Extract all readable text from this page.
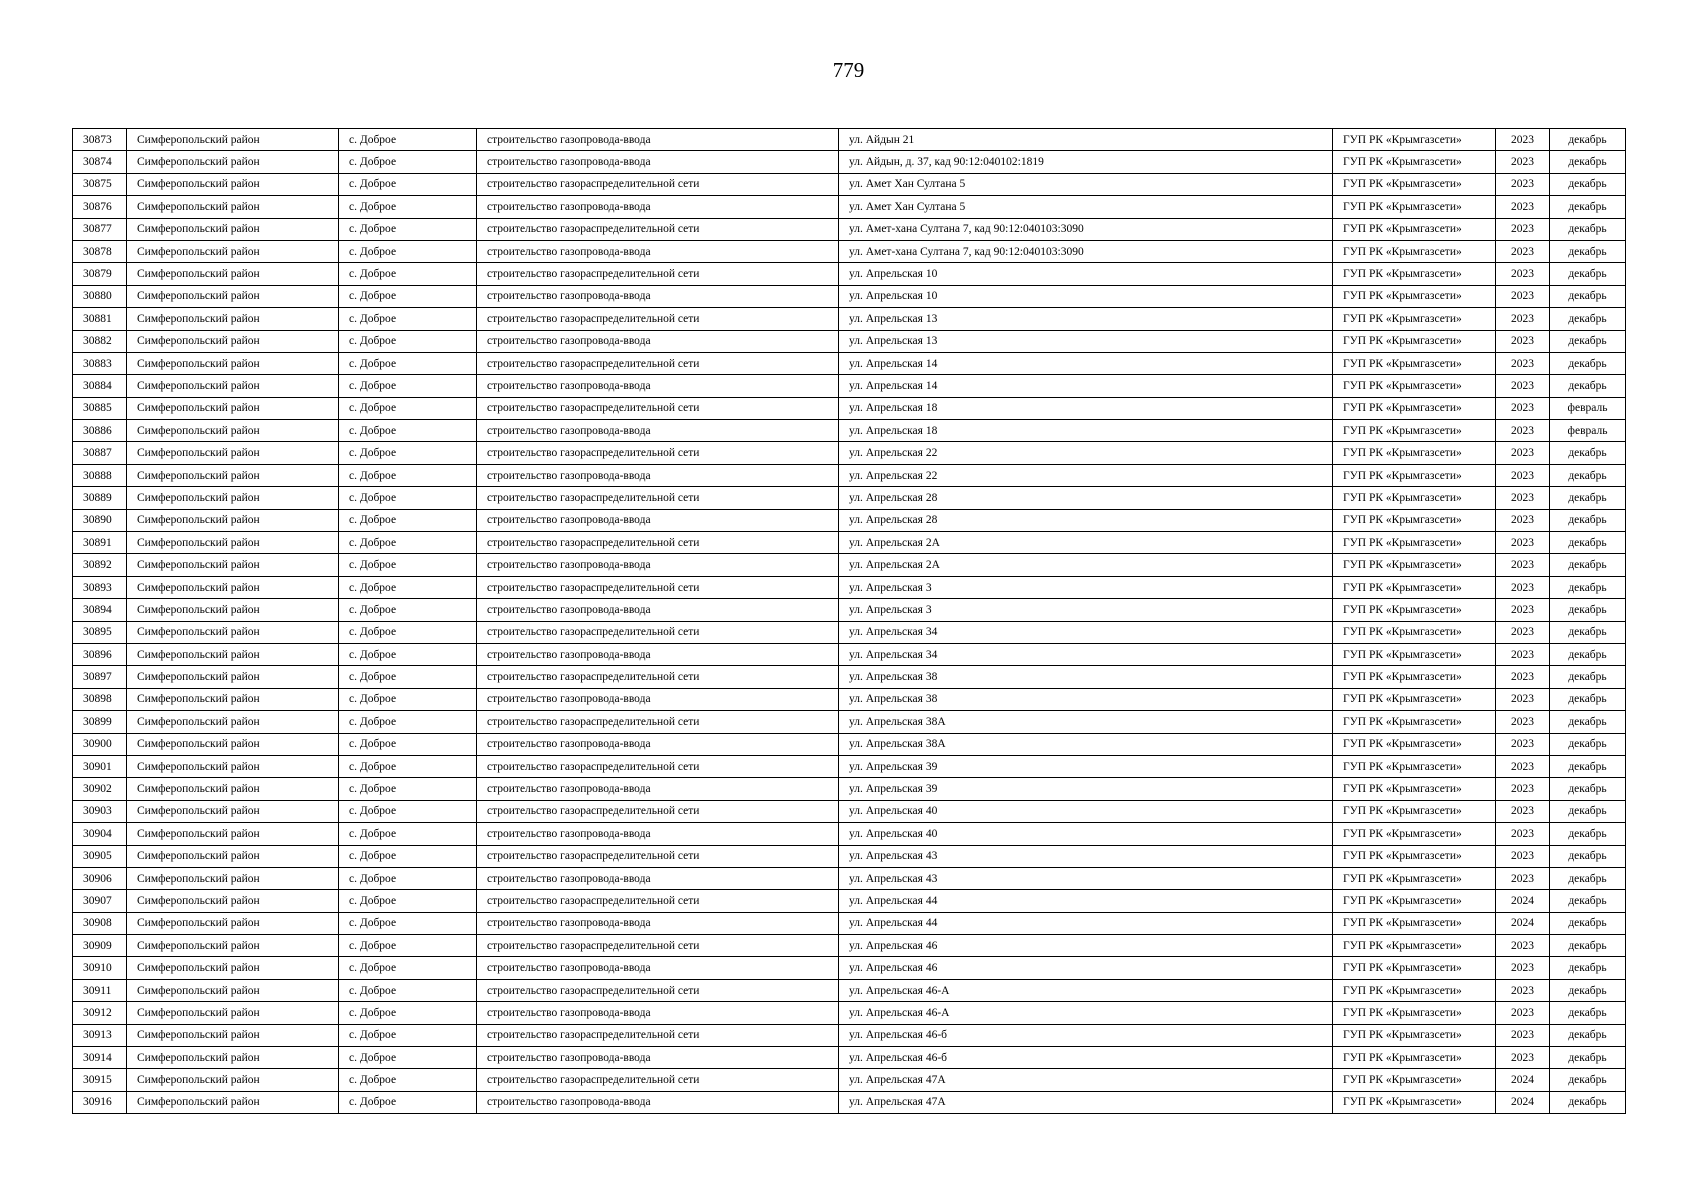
779
30873	Симферопольский район	с. Доброе	строительство газопровода-ввода	ул. Айдын 21	ГУП РК «Крымгазсети»	2023	декабрь
30874	Симферопольский район	с. Доброе	строительство газопровода-ввода	ул. Айдын, д. 37, кад 90:12:040102:1819	ГУП РК «Крымгазсети»	2023	декабрь
30875	Симферопольский район	с. Доброе	строительство газораспределительной сети	ул. Амет Хан Султана 5	ГУП РК «Крымгазсети»	2023	декабрь
30876	Симферопольский район	с. Доброе	строительство газопровода-ввода	ул. Амет Хан Султана 5	ГУП РК «Крымгазсети»	2023	декабрь
30877	Симферопольский район	с. Доброе	строительство газораспределительной сети	ул. Амет-хана Султана 7, кад 90:12:040103:3090	ГУП РК «Крымгазсети»	2023	декабрь
30878	Симферопольский район	с. Доброе	строительство газопровода-ввода	ул. Амет-хана Султана 7, кад 90:12:040103:3090	ГУП РК «Крымгазсети»	2023	декабрь
30879	Симферопольский район	с. Доброе	строительство газораспределительной сети	ул. Апрельская 10	ГУП РК «Крымгазсети»	2023	декабрь
30880	Симферопольский район	с. Доброе	строительство газопровода-ввода	ул. Апрельская 10	ГУП РК «Крымгазсети»	2023	декабрь
30881	Симферопольский район	с. Доброе	строительство газораспределительной сети	ул. Апрельская 13	ГУП РК «Крымгазсети»	2023	декабрь
30882	Симферопольский район	с. Доброе	строительство газопровода-ввода	ул. Апрельская 13	ГУП РК «Крымгазсети»	2023	декабрь
30883	Симферопольский район	с. Доброе	строительство газораспределительной сети	ул. Апрельская 14	ГУП РК «Крымгазсети»	2023	декабрь
30884	Симферопольский район	с. Доброе	строительство газопровода-ввода	ул. Апрельская 14	ГУП РК «Крымгазсети»	2023	декабрь
30885	Симферопольский район	с. Доброе	строительство газораспределительной сети	ул. Апрельская 18	ГУП РК «Крымгазсети»	2023	февраль
30886	Симферопольский район	с. Доброе	строительство газопровода-ввода	ул. Апрельская 18	ГУП РК «Крымгазсети»	2023	февраль
30887	Симферопольский район	с. Доброе	строительство газораспределительной сети	ул. Апрельская 22	ГУП РК «Крымгазсети»	2023	декабрь
30888	Симферопольский район	с. Доброе	строительство газопровода-ввода	ул. Апрельская 22	ГУП РК «Крымгазсети»	2023	декабрь
30889	Симферопольский район	с. Доброе	строительство газораспределительной сети	ул. Апрельская 28	ГУП РК «Крымгазсети»	2023	декабрь
30890	Симферопольский район	с. Доброе	строительство газопровода-ввода	ул. Апрельская 28	ГУП РК «Крымгазсети»	2023	декабрь
30891	Симферопольский район	с. Доброе	строительство газораспределительной сети	ул. Апрельская 2А	ГУП РК «Крымгазсети»	2023	декабрь
30892	Симферопольский район	с. Доброе	строительство газопровода-ввода	ул. Апрельская 2А	ГУП РК «Крымгазсети»	2023	декабрь
30893	Симферопольский район	с. Доброе	строительство газораспределительной сети	ул. Апрельская 3	ГУП РК «Крымгазсети»	2023	декабрь
30894	Симферопольский район	с. Доброе	строительство газопровода-ввода	ул. Апрельская 3	ГУП РК «Крымгазсети»	2023	декабрь
30895	Симферопольский район	с. Доброе	строительство газораспределительной сети	ул. Апрельская 34	ГУП РК «Крымгазсети»	2023	декабрь
30896	Симферопольский район	с. Доброе	строительство газопровода-ввода	ул. Апрельская 34	ГУП РК «Крымгазсети»	2023	декабрь
30897	Симферопольский район	с. Доброе	строительство газораспределительной сети	ул. Апрельская 38	ГУП РК «Крымгазсети»	2023	декабрь
30898	Симферопольский район	с. Доброе	строительство газопровода-ввода	ул. Апрельская 38	ГУП РК «Крымгазсети»	2023	декабрь
30899	Симферопольский район	с. Доброе	строительство газораспределительной сети	ул. Апрельская 38А	ГУП РК «Крымгазсети»	2023	декабрь
30900	Симферопольский район	с. Доброе	строительство газопровода-ввода	ул. Апрельская 38А	ГУП РК «Крымгазсети»	2023	декабрь
30901	Симферопольский район	с. Доброе	строительство газораспределительной сети	ул. Апрельская 39	ГУП РК «Крымгазсети»	2023	декабрь
30902	Симферопольский район	с. Доброе	строительство газопровода-ввода	ул. Апрельская 39	ГУП РК «Крымгазсети»	2023	декабрь
30903	Симферопольский район	с. Доброе	строительство газораспределительной сети	ул. Апрельская 40	ГУП РК «Крымгазсети»	2023	декабрь
30904	Симферопольский район	с. Доброе	строительство газопровода-ввода	ул. Апрельская 40	ГУП РК «Крымгазсети»	2023	декабрь
30905	Симферопольский район	с. Доброе	строительство газораспределительной сети	ул. Апрельская 43	ГУП РК «Крымгазсети»	2023	декабрь
30906	Симферопольский район	с. Доброе	строительство газопровода-ввода	ул. Апрельская 43	ГУП РК «Крымгазсети»	2023	декабрь
30907	Симферопольский район	с. Доброе	строительство газораспределительной сети	ул. Апрельская 44	ГУП РК «Крымгазсети»	2024	декабрь
30908	Симферопольский район	с. Доброе	строительство газопровода-ввода	ул. Апрельская 44	ГУП РК «Крымгазсети»	2024	декабрь
30909	Симферопольский район	с. Доброе	строительство газораспределительной сети	ул. Апрельская 46	ГУП РК «Крымгазсети»	2023	декабрь
30910	Симферопольский район	с. Доброе	строительство газопровода-ввода	ул. Апрельская 46	ГУП РК «Крымгазсети»	2023	декабрь
30911	Симферопольский район	с. Доброе	строительство газораспределительной сети	ул. Апрельская 46-А	ГУП РК «Крымгазсети»	2023	декабрь
30912	Симферопольский район	с. Доброе	строительство газопровода-ввода	ул. Апрельская 46-А	ГУП РК «Крымгазсети»	2023	декабрь
30913	Симферопольский район	с. Доброе	строительство газораспределительной сети	ул. Апрельская 46-б	ГУП РК «Крымгазсети»	2023	декабрь
30914	Симферопольский район	с. Доброе	строительство газопровода-ввода	ул. Апрельская 46-б	ГУП РК «Крымгазсети»	2023	декабрь
30915	Симферопольский район	с. Доброе	строительство газораспределительной сети	ул. Апрельская 47А	ГУП РК «Крымгазсети»	2024	декабрь
30916	Симферопольский район	с. Доброе	строительство газопровода-ввода	ул. Апрельская 47А	ГУП РК «Крымгазсети»	2024	декабрь
